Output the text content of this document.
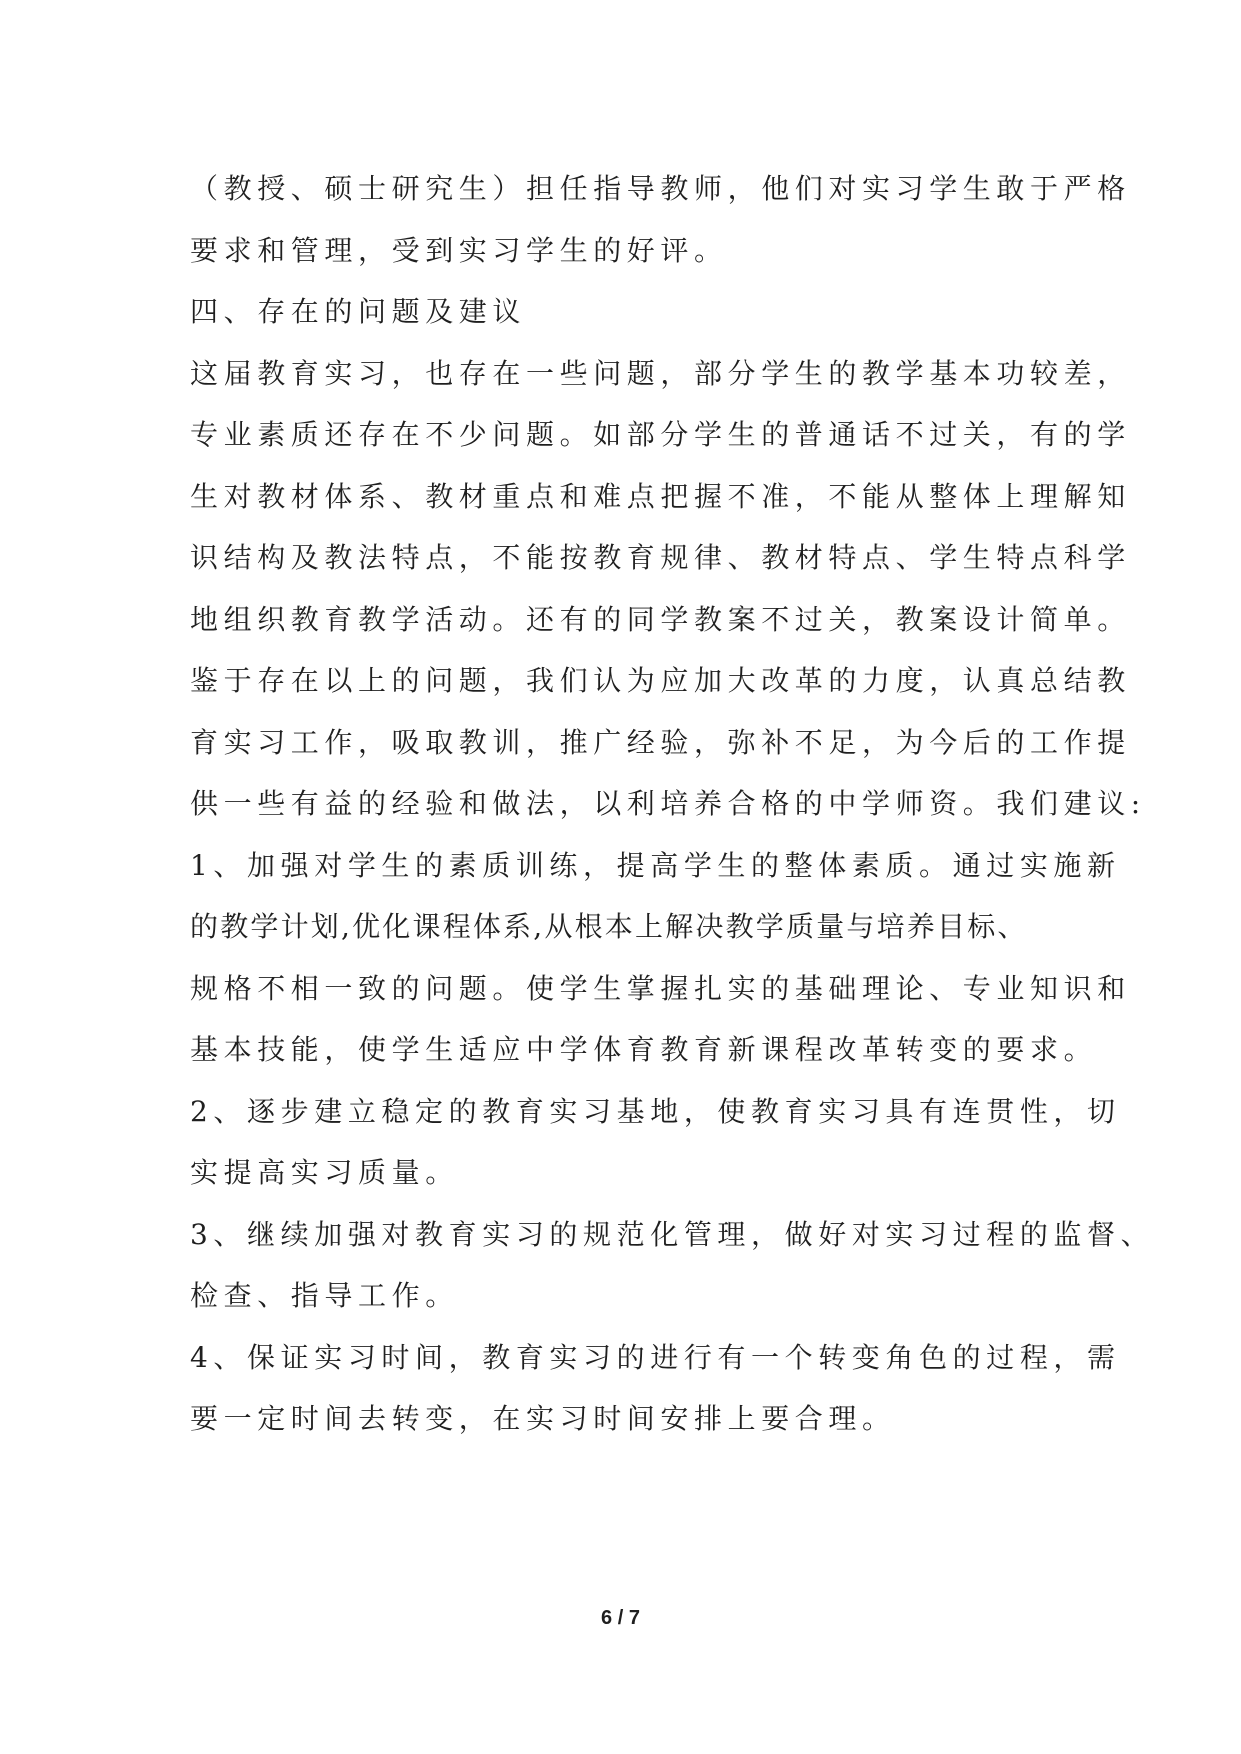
（教授、硕士研究生）担任指导教师，他们对实习学生敢于严格
要求和管理，受到实习学生的好评。
四、存在的问题及建议
这届教育实习，也存在一些问题，部分学生的教学基本功较差，
专业素质还存在不少问题。如部分学生的普通话不过关，有的学
生对教材体系、教材重点和难点把握不准，不能从整体上理解知
识结构及教法特点，不能按教育规律、教材特点、学生特点科学
地组织教育教学活动。还有的同学教案不过关，教案设计简单。
鉴于存在以上的问题，我们认为应加大改革的力度，认真总结教
育实习工作，吸取教训，推广经验，弥补不足，为今后的工作提
供一些有益的经验和做法，以利培养合格的中学师资。我们建议:
1、加强对学生的素质训练，提高学生的整体素质。通过实施新
的教学计划,优化课程体系,从根本上解决教学质量与培养目标、
规格不相一致的问题。使学生掌握扎实的基础理论、专业知识和
基本技能，使学生适应中学体育教育新课程改革转变的要求。
2、逐步建立稳定的教育实习基地，使教育实习具有连贯性，切
实提高实习质量。
3、继续加强对教育实习的规范化管理，做好对实习过程的监督、
检查、指导工作。
4、保证实习时间，教育实习的进行有一个转变角色的过程，需
要一定时间去转变，在实习时间安排上要合理。
6 / 7
